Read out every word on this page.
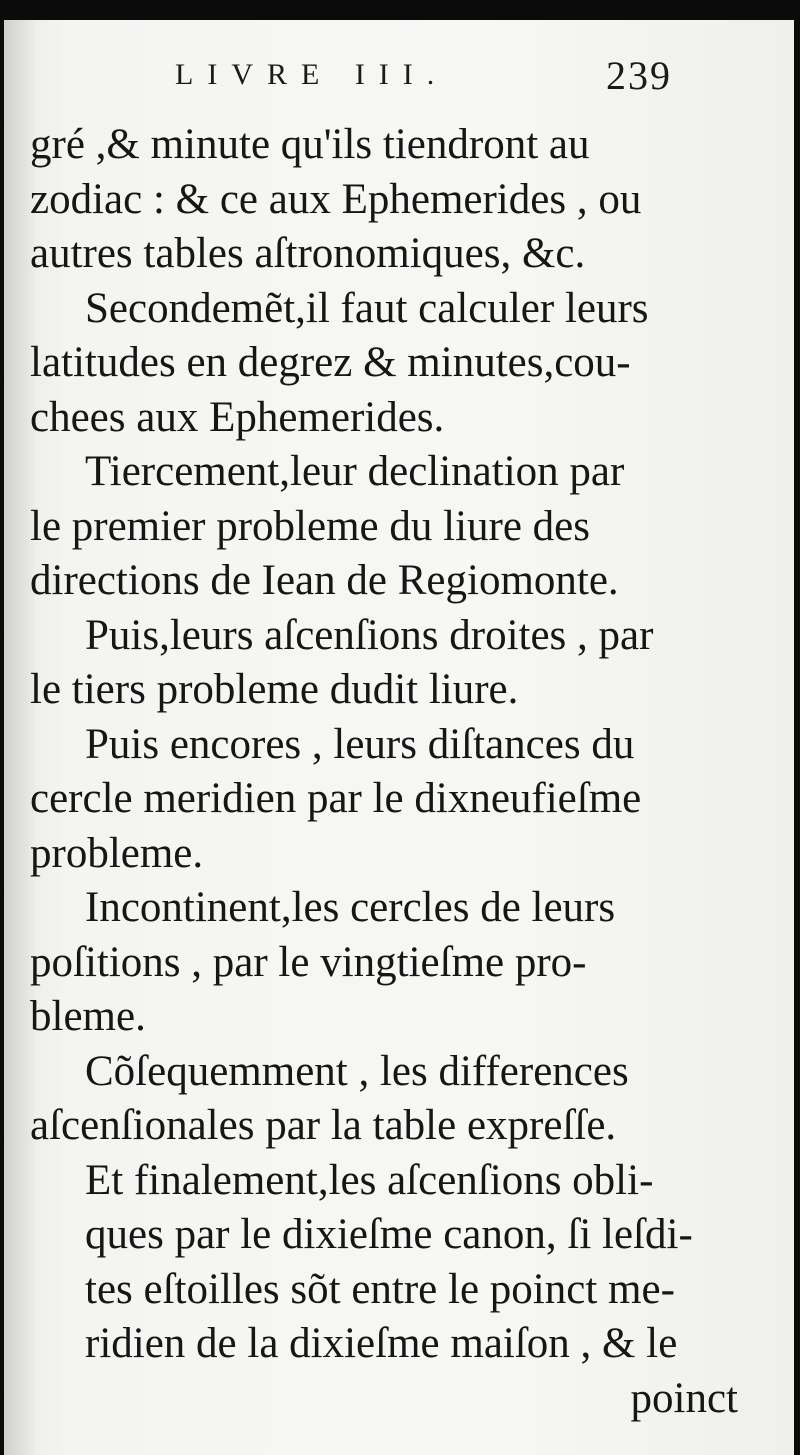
LIVRE III.	239
gré ,& minute qu'ils tiendront au
zodiac : & ce aux Ephemerides , ou
autres tables aſtronomiques, &c.
Secondemẽt,il faut calculer leurs
latitudes en degrez & minutes,cou-
chees aux Ephemerides.
Tiercement,leur declination par
le premier probleme du liure des
directions de Iean de Regiomonte.
Puis,leurs aſcenſions droites , par
le tiers probleme dudit liure.
Puis encores , leurs diſtances du
cercle meridien par le dixneufieſme
probleme.
Incontinent,les cercles de leurs
poſitions , par le vingtieſme pro-
bleme.
Cõſequemment , les differences
aſcenſionales par la table expreſſe.
Et finalement,les aſcenſions obli-
ques par le dixieſme canon, ſi leſdi-
tes eſtoilles sõt entre le poinct me-
ridien de la dixieſme maiſon , & le
poinct
